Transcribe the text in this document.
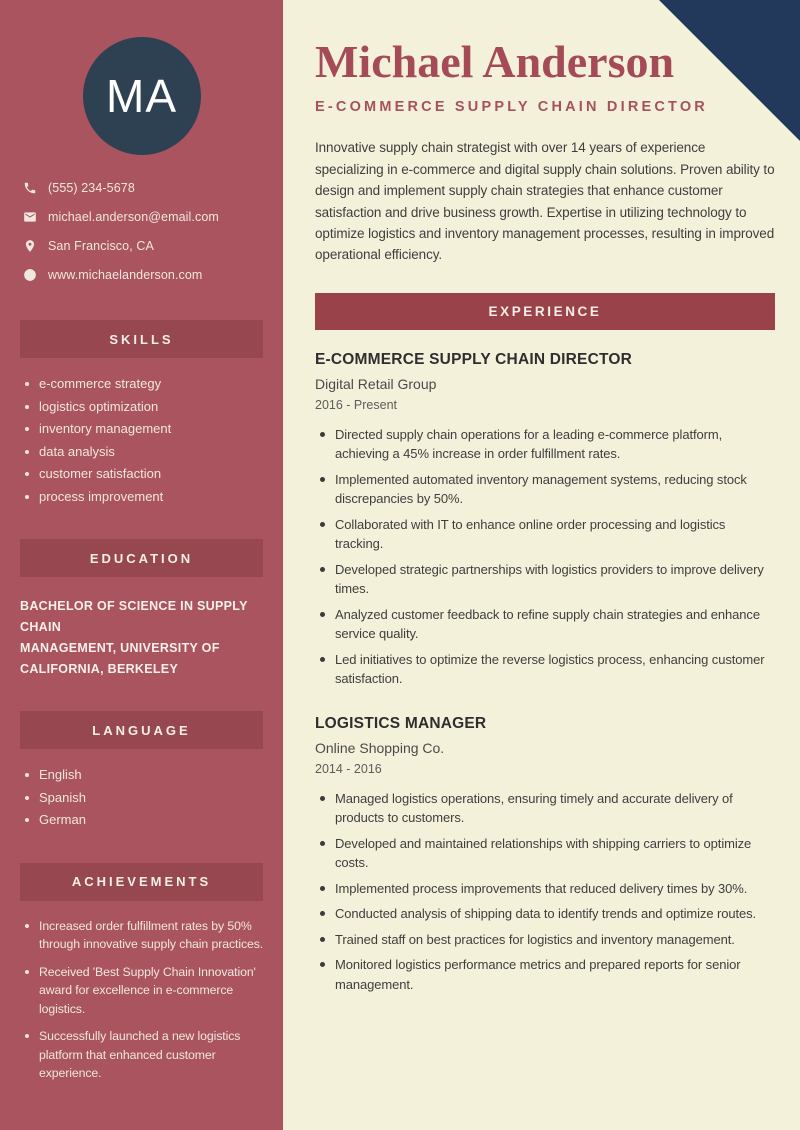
MA
(555) 234-5678
michael.anderson@email.com
San Francisco, CA
www.michaelanderson.com
SKILLS
e-commerce strategy
logistics optimization
inventory management
data analysis
customer satisfaction
process improvement
EDUCATION
BACHELOR OF SCIENCE IN SUPPLY CHAIN
MANAGEMENT, UNIVERSITY OF
CALIFORNIA, BERKELEY
LANGUAGE
English
Spanish
German
ACHIEVEMENTS
Increased order fulfillment rates by 50% through innovative supply chain practices.
Received 'Best Supply Chain Innovation' award for excellence in e-commerce logistics.
Successfully launched a new logistics platform that enhanced customer experience.
Michael Anderson
E-COMMERCE SUPPLY CHAIN DIRECTOR

Innovative supply chain strategist with over 14 years of experience specializing in e-commerce and digital supply chain solutions. Proven ability to design and implement supply chain strategies that enhance customer satisfaction and drive business growth. Expertise in utilizing technology to optimize logistics and inventory management processes, resulting in improved operational efficiency.

EXPERIENCE
E-COMMERCE SUPPLY CHAIN DIRECTOR
Digital Retail Group
2016 - Present
Directed supply chain operations for a leading e-commerce platform, achieving a 45% increase in order fulfillment rates.
Implemented automated inventory management systems, reducing stock discrepancies by 50%.
Collaborated with IT to enhance online order processing and logistics tracking.
Developed strategic partnerships with logistics providers to improve delivery times.
Analyzed customer feedback to refine supply chain strategies and enhance service quality.
Led initiatives to optimize the reverse logistics process, enhancing customer satisfaction.
LOGISTICS MANAGER
Online Shopping Co.
2014 - 2016
Managed logistics operations, ensuring timely and accurate delivery of products to customers.
Developed and maintained relationships with shipping carriers to optimize costs.
Implemented process improvements that reduced delivery times by 30%.
Conducted analysis of shipping data to identify trends and optimize routes.
Trained staff on best practices for logistics and inventory management.
Monitored logistics performance metrics and prepared reports for senior management.
